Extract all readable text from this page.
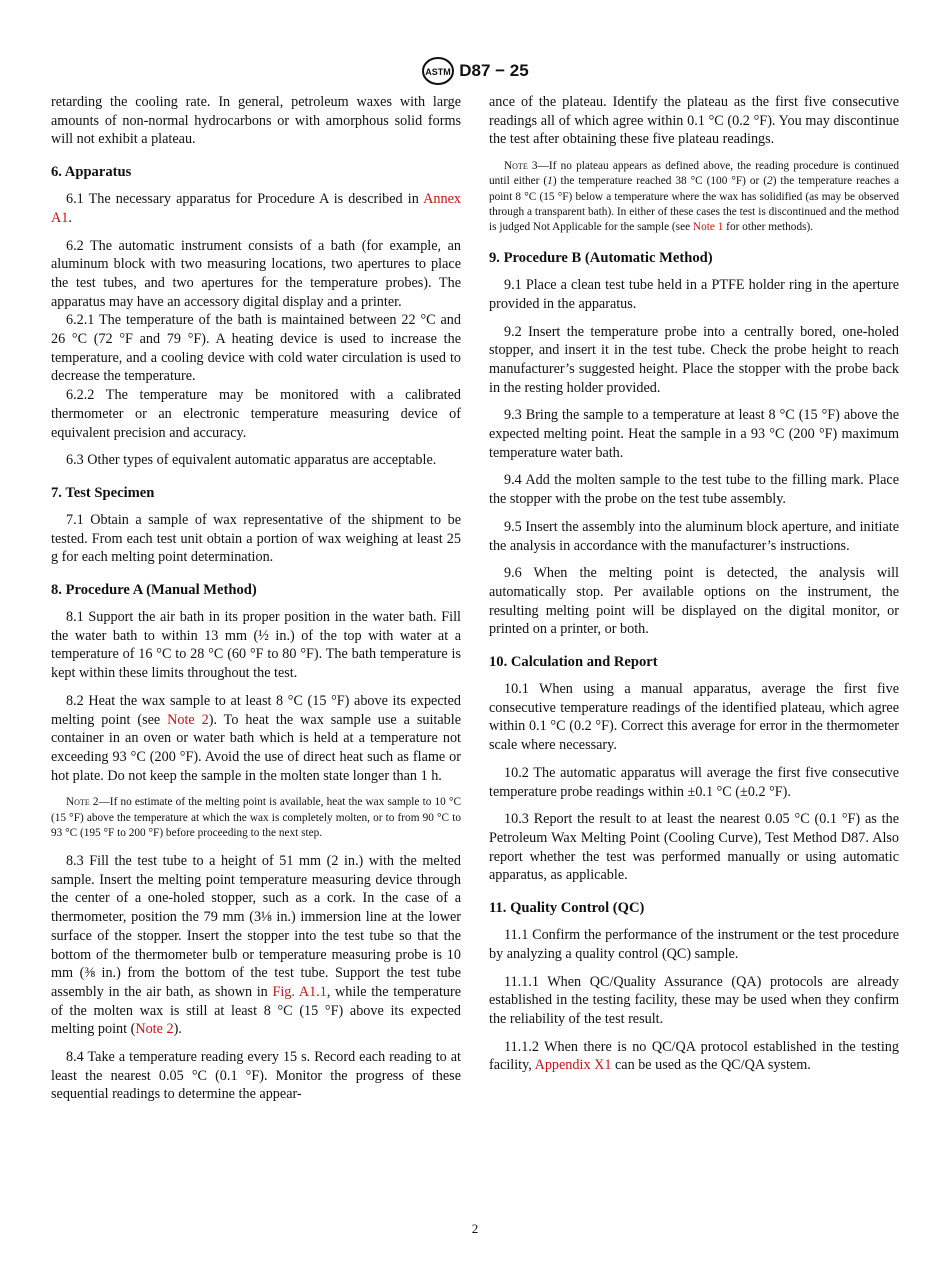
ASTM D87 − 25

retarding the cooling rate. In general, petroleum waxes with large amounts of non-normal hydrocarbons or with amorphous solid forms will not exhibit a plateau.

6. Apparatus

6.1 The necessary apparatus for Procedure A is described in Annex A1.

6.2 The automatic instrument consists of a bath (for example, an aluminum block with two measuring locations, two apertures to place the test tubes, and two apertures for the temperature probes). The apparatus may have an accessory digital display and a printer.

6.2.1 The temperature of the bath is maintained between 22 °C and 26 °C (72 °F and 79 °F). A heating device is used to increase the temperature, and a cooling device with cold water circulation is used to decrease the temperature.

6.2.2 The temperature may be monitored with a calibrated thermometer or an electronic temperature measuring device of equivalent precision and accuracy.

6.3 Other types of equivalent automatic apparatus are acceptable.

7. Test Specimen

7.1 Obtain a sample of wax representative of the shipment to be tested. From each test unit obtain a portion of wax weighing at least 25 g for each melting point determination.

8. Procedure A (Manual Method)

8.1 Support the air bath in its proper position in the water bath. Fill the water bath to within 13 mm (½ in.) of the top with water at a temperature of 16 °C to 28 °C (60 °F to 80 °F). The bath temperature is kept within these limits throughout the test.

8.2 Heat the wax sample to at least 8 °C (15 °F) above its expected melting point (see Note 2). To heat the wax sample use a suitable container in an oven or water bath which is held at a temperature not exceeding 93 °C (200 °F). Avoid the use of direct heat such as flame or hot plate. Do not keep the sample in the molten state longer than 1 h.

Note 2—If no estimate of the melting point is available, heat the wax sample to 10 °C (15 °F) above the temperature at which the wax is completely molten, or to from 90 °C to 93 °C (195 °F to 200 °F) before proceeding to the next step.

8.3 Fill the test tube to a height of 51 mm (2 in.) with the melted sample. Insert the melting point temperature measuring device through the center of a one-holed stopper, such as a cork. In the case of a thermometer, position the 79 mm (3⅛ in.) immersion line at the lower surface of the stopper. Insert the stopper into the test tube so that the bottom of the thermometer bulb or temperature measuring probe is 10 mm (⅜ in.) from the bottom of the test tube. Support the test tube assembly in the air bath, as shown in Fig. A1.1, while the temperature of the molten wax is still at least 8 °C (15 °F) above its expected melting point (Note 2).

8.4 Take a temperature reading every 15 s. Record each reading to at least the nearest 0.05 °C (0.1 °F). Monitor the progress of these sequential readings to determine the appear-

ance of the plateau. Identify the plateau as the first five consecutive readings all of which agree within 0.1 °C (0.2 °F). You may discontinue the test after obtaining these five plateau readings.

Note 3—If no plateau appears as defined above, the reading procedure is continued until either (1) the temperature reached 38 °C (100 °F) or (2) the temperature reaches a point 8 °C (15 °F) below a temperature where the wax has solidified (as may be observed through a transparent bath). In either of these cases the test is discontinued and the method is judged Not Applicable for the sample (see Note 1 for other methods).

9. Procedure B (Automatic Method)

9.1 Place a clean test tube held in a PTFE holder ring in the aperture provided in the apparatus.

9.2 Insert the temperature probe into a centrally bored, one-holed stopper, and insert it in the test tube. Check the probe height to reach manufacturer’s suggested height. Place the stopper with the probe back in the resting holder provided.

9.3 Bring the sample to a temperature at least 8 °C (15 °F) above the expected melting point. Heat the sample in a 93 °C (200 °F) maximum temperature water bath.

9.4 Add the molten sample to the test tube to the filling mark. Place the stopper with the probe on the test tube assembly.

9.5 Insert the assembly into the aluminum block aperture, and initiate the analysis in accordance with the manufacturer’s instructions.

9.6 When the melting point is detected, the analysis will automatically stop. Per available options on the instrument, the resulting melting point will be displayed on the digital monitor, or printed on a printer, or both.

10. Calculation and Report

10.1 When using a manual apparatus, average the first five consecutive temperature readings of the identified plateau, which agree within 0.1 °C (0.2 °F). Correct this average for error in the thermometer scale where necessary.

10.2 The automatic apparatus will average the first five consecutive temperature probe readings within ±0.1 °C (±0.2 °F).

10.3 Report the result to at least the nearest 0.05 °C (0.1 °F) as the Petroleum Wax Melting Point (Cooling Curve), Test Method D87. Also report whether the test was performed manually or using automatic apparatus, as applicable.

11. Quality Control (QC)

11.1 Confirm the performance of the instrument or the test procedure by analyzing a quality control (QC) sample.

11.1.1 When QC/Quality Assurance (QA) protocols are already established in the testing facility, these may be used when they confirm the reliability of the test result.

11.1.2 When there is no QC/QA protocol established in the testing facility, Appendix X1 can be used as the QC/QA system.

2
